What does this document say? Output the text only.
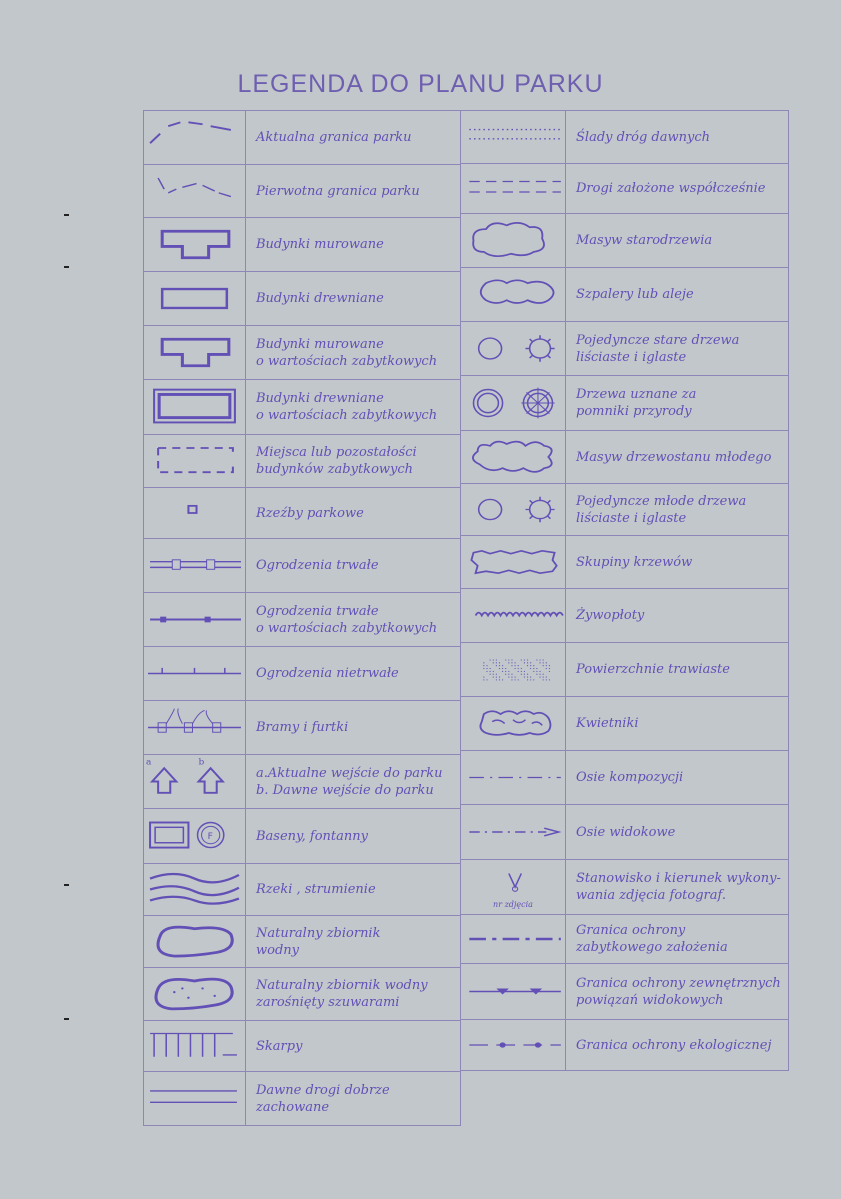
LEGENDA DO PLANU PARKU
Aktualna granica parku
Pierwotna granica parku
Budynki murowane
Budynki drewniane
Budynki murowane
o wartościach zabytkowych
Budynki drewniane
o wartościach zabytkowych
Miejsca lub pozostałości
budynków zabytkowych
Rzeźby parkowe
Ogrodzenia trwałe
Ogrodzenia trwałe
o wartościach zabytkowych
Ogrodzenia nietrwałe
Bramy i furtki
a	b
a.Aktualne wejście do parku
b. Dawne wejście do parku
F	Baseny, fontanny
Rzeki , strumienie
Naturalny zbiornik
wodny
Naturalny zbiornik wodny
zarośnięty szuwarami
Skarpy
Dawne drogi dobrze
zachowane
Ślady dróg dawnych
Drogi założone współcześnie
Masyw starodrzewia
Szpalery lub aleje
Pojedyncze stare drzewa
liściaste i iglaste
Drzewa uznane za
pomniki przyrody
Masyw drzewostanu młodego
Pojedyncze młode drzewa
liściaste i iglaste
Skupiny krzewów
Żywopłoty
Powierzchnie trawiaste
Kwietniki
Osie kompozycji
Osie widokowe
nr zdjęcia
Stanowisko i kierunek wykony-
wania zdjęcia fotograf.
Granica ochrony
zabytkowego założenia
Granica ochrony zewnętrznych
powiązań widokowych
Granica ochrony ekologicznej
